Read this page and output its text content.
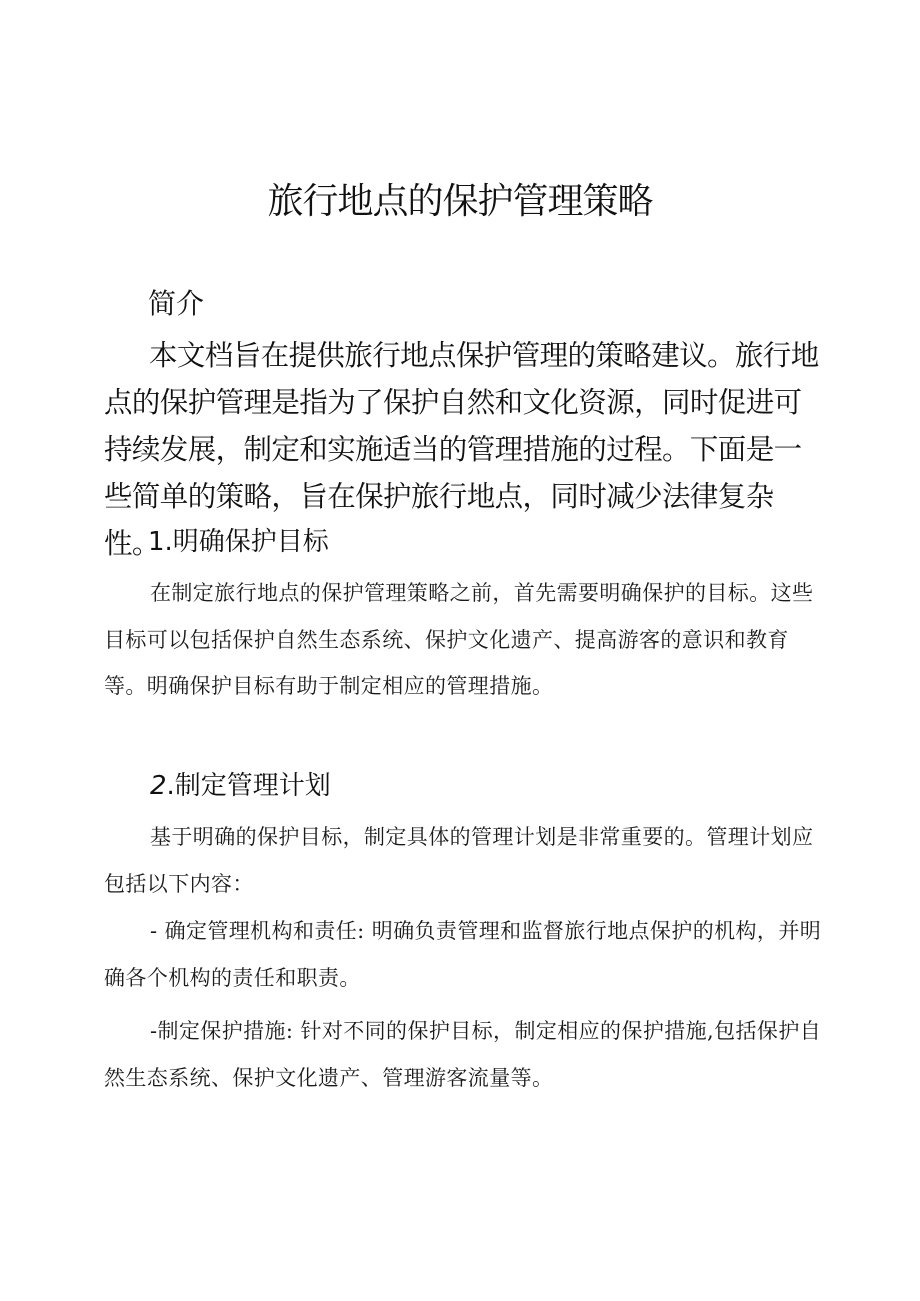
旅行地点的保护管理策略
简介

本文档旨在提供旅行地点保护管理的策略建议。旅行地点的保护管理是指为了保护自然和文化资源，同时促进可持续发展，制定和实施适当的管理措施的过程。下面是一些简单的策略，旨在保护旅行地点，同时减少法律复杂性。

1.明确保护目标

在制定旅行地点的保护管理策略之前，首先需要明确保护的目标。这些目标可以包括保护自然生态系统、保护文化遗产、提高游客的意识和教育等。明确保护目标有助于制定相应的管理措施。

2.制定管理计划

基于明确的保护目标，制定具体的管理计划是非常重要的。管理计划应包括以下内容：

- 确定管理机构和责任: 明确负责管理和监督旅行地点保护的机构，并明确各个机构的责任和职责。

-制定保护措施: 针对不同的保护目标，制定相应的保护措施,包括保护自然生态系统、保护文化遗产、管理游客流量等。
